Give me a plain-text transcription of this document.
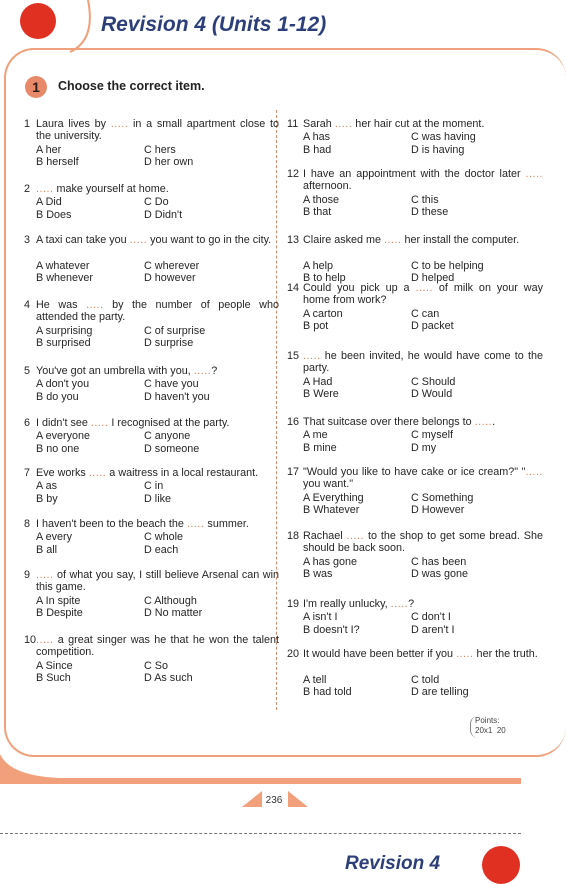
Revision 4 (Units 1-12)
1	Choose the correct item.
1 Laura lives by ..... in a small apartment close to the university.
A her	C hers
B herself	D her own
2 ..... make yourself at home.
A Did	C Do
B Does	D Didn't
3 A taxi can take you ..... you want to go in the city.
A whatever	C wherever
B whenever	D however
4 He was ..... by the number of people who attended the party.
A surprising	C of surprise
B surprised	D surprise
5 You've got an umbrella with you, .....?
A don't you	C have you
B do you	D haven't you
6 I didn't see ..... I recognised at the party.
A everyone	C anyone
B no one	D someone
7 Eve works ..... a waitress in a local restaurant.
A as	C in
B by	D like
8 I haven't been to the beach the ..... summer.
A every	C whole
B all	D each
9 ..... of what you say, I still believe Arsenal can win this game.
A In spite	C Although
B Despite	D No matter
10 ..... a great singer was he that he won the talent competition.
A Since	C So
B Such	D As such
11 Sarah ..... her hair cut at the moment.
A has	C was having
B had	D is having
12 I have an appointment with the doctor later ..... afternoon.
A those	C this
B that	D these
13 Claire asked me ..... her install the computer.
A help	C to be helping
B to help	D helped
14 Could you pick up a ..... of milk on your way home from work?
A carton	C can
B pot	D packet
15 ..... he been invited, he would have come to the party.
A Had	C Should
B Were	D Would
16 That suitcase over there belongs to ......
A me	C myself
B mine	D my
17 "Would you like to have cake or ice cream?" "..... you want."
A Everything	C Something
B Whatever	D However
18 Rachael ..... to the shop to get some bread. She should be back soon.
A has gone	C has been
B was	D was gone
19 I'm really unlucky, .....?
A isn't I	C don't I
B doesn't I?	D aren't I
20 It would have been better if you ..... her the truth.
A tell	C told
B had told	D are telling
Points:
20x1 20
236
Revision 4
